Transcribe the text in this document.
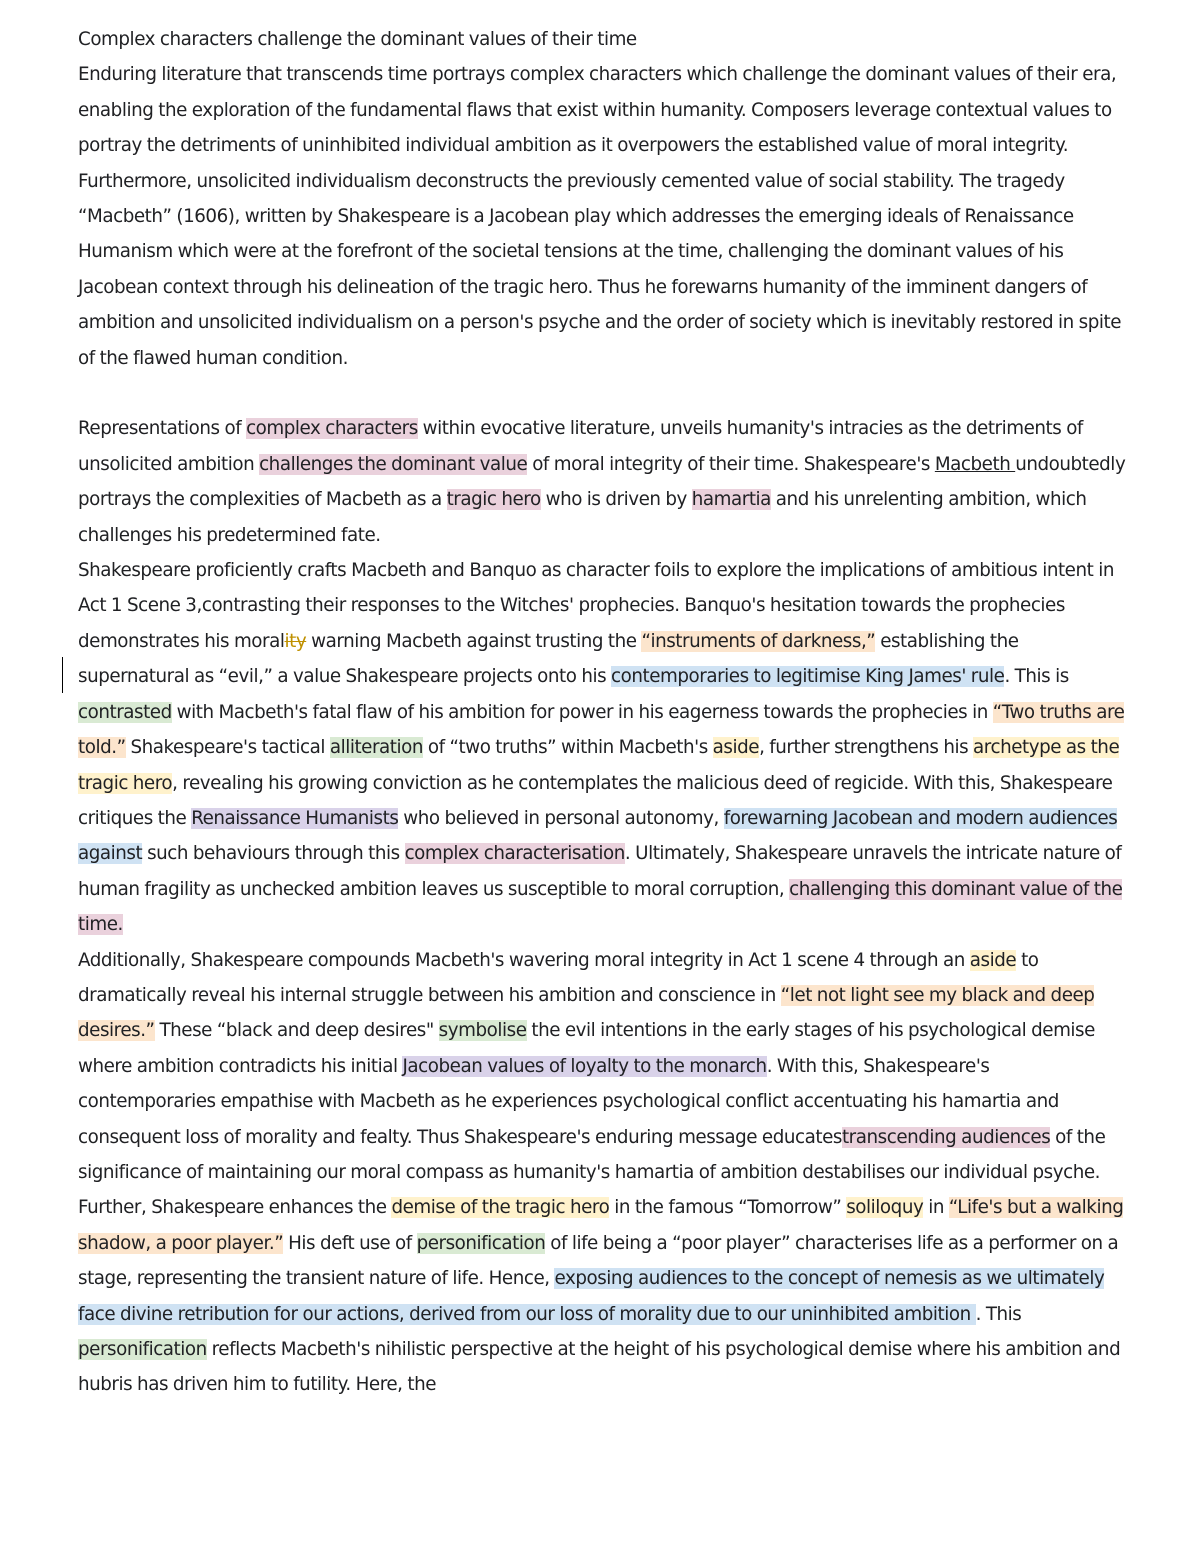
Complex characters challenge the dominant values of their time
Enduring literature that transcends time portrays complex characters which challenge the dominant values of their era, enabling the exploration of the fundamental flaws that exist within humanity. Composers leverage contextual values to portray the detriments of uninhibited individual ambition as it overpowers the established value of moral integrity. Furthermore, unsolicited individualism deconstructs the previously cemented value of social stability. The tragedy “Macbeth” (1606), written by Shakespeare is a Jacobean play which addresses the emerging ideals of Renaissance Humanism which were at the forefront of the societal tensions at the time, challenging the dominant values of his Jacobean context through his delineation of the tragic hero. Thus he forewarns humanity of the imminent dangers of ambition and unsolicited individualism on a person's psyche and the order of society which is inevitably restored in spite of the flawed human condition.
Representations of complex characters within evocative literature, unveils humanity's intracies as the detriments of unsolicited ambition challenges the dominant value of moral integrity of their time. Shakespeare's Macbeth undoubtedly portrays the complexities of Macbeth as a tragic hero who is driven by hamartia and his unrelenting ambition, which challenges his predetermined fate.
Shakespeare proficiently crafts Macbeth and Banquo as character foils to explore the implications of ambitious intent in Act 1 Scene 3,contrasting their responses to the Witches' prophecies. Banquo's hesitation towards the prophecies demonstrates his morality warning Macbeth against trusting the “instruments of darkness,” establishing the supernatural as “evil,” a value Shakespeare projects onto his contemporaries to legitimise King James' rule. This is contrasted with Macbeth's fatal flaw of his ambition for power in his eagerness towards the prophecies in “Two truths are told.” Shakespeare's tactical alliteration of “two truths” within Macbeth's aside, further strengthens his archetype as the tragic hero, revealing his growing conviction as he contemplates the malicious deed of regicide. With this, Shakespeare critiques the Renaissance Humanists who believed in personal autonomy, forewarning Jacobean and modern audiences against such behaviours through this complex characterisation. Ultimately, Shakespeare unravels the intricate nature of human fragility as unchecked ambition leaves us susceptible to moral corruption, challenging this dominant value of the time.
Additionally, Shakespeare compounds Macbeth's wavering moral integrity in Act 1 scene 4 through an aside to dramatically reveal his internal struggle between his ambition and conscience in “let not light see my black and deep desires.” These “black and deep desires" symbolise the evil intentions in the early stages of his psychological demise where ambition contradicts his initial Jacobean values of loyalty to the monarch. With this, Shakespeare's contemporaries empathise with Macbeth as he experiences psychological conflict accentuating his hamartia and consequent loss of morality and fealty. Thus Shakespeare's enduring message educatestranscending audiences of the significance of maintaining our moral compass as humanity's hamartia of ambition destabilises our individual psyche. Further, Shakespeare enhances the demise of the tragic hero in the famous “Tomorrow” soliloquy in “Life's but a walking shadow, a poor player.” His deft use of personification of life being a “poor player” characterises life as a performer on a stage, representing the transient nature of life. Hence, exposing audiences to the concept of nemesis as we ultimately face divine retribution for our actions, derived from our loss of morality due to our uninhibited ambition . This personification reflects Macbeth's nihilistic perspective at the height of his psychological demise where his ambition and hubris has driven him to futility. Here, the
